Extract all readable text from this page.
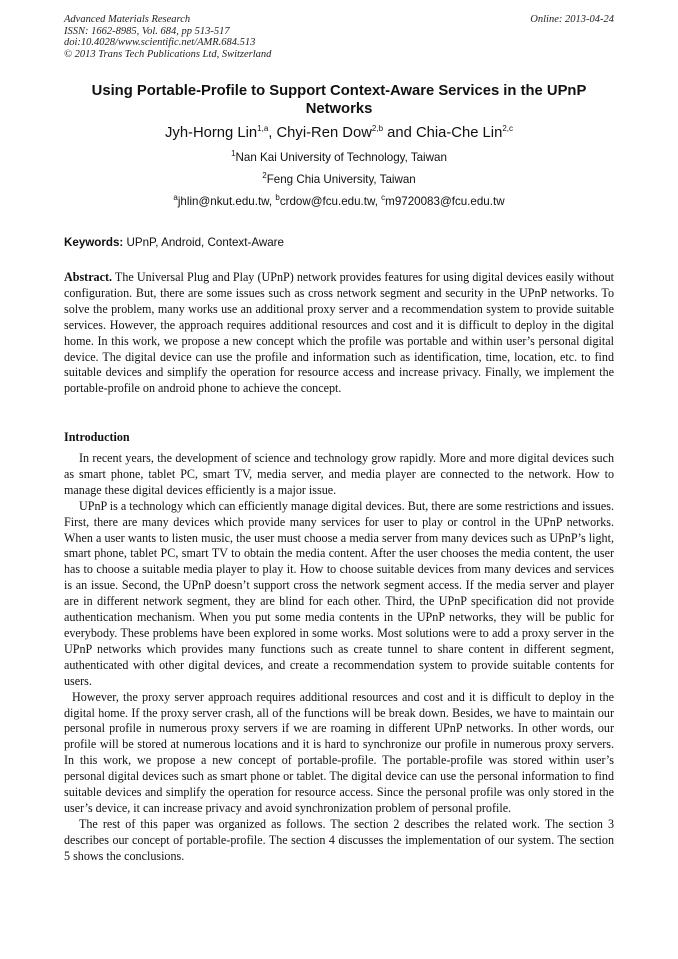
Advanced Materials Research
ISSN: 1662-8985, Vol. 684, pp 513-517
doi:10.4028/www.scientific.net/AMR.684.513
© 2013 Trans Tech Publications Ltd, Switzerland
Online: 2013-04-24
Using Portable-Profile to Support Context-Aware Services in the UPnP Networks
Jyh-Horng Lin$^{1,a}$, Chyi-Ren Dow$^{2,b}$ and Chia-Che Lin$^{2,c}$
$^1$Nan Kai University of Technology, Taiwan
$^2$Feng Chia University, Taiwan
$^a$jhlin@nkut.edu.tw, $^b$crdow@fcu.edu.tw, $^c$m9720083@fcu.edu.tw
Keywords: UPnP, Android, Context-Aware

Abstract. The Universal Plug and Play (UPnP) network provides features for using digital devices easily without configuration. But, there are some issues such as cross network segment and security in the UPnP networks. To solve the problem, many works use an additional proxy server and a recommendation system to provide suitable services. However, the approach requires additional resources and cost and it is difficult to deploy in the digital home. In this work, we propose a new concept which the profile was portable and within user’s personal digital device. The digital device can use the profile and information such as identification, time, location, etc. to find suitable devices and simplify the operation for resource access and increase privacy. Finally, we implement the portable-profile on android phone to achieve the concept.

Introduction

In recent years, the development of science and technology grow rapidly. More and more digital devices such as smart phone, tablet PC, smart TV, media server, and media player are connected to the network. How to manage these digital devices efficiently is a major issue.

UPnP is a technology which can efficiently manage digital devices. But, there are some restrictions and issues. First, there are many devices which provide many services for user to play or control in the UPnP networks. When a user wants to listen music, the user must choose a media server from many devices such as UPnP’s light, smart phone, tablet PC, smart TV to obtain the media content. After the user chooses the media content, the user has to choose a suitable media player to play it. How to choose suitable devices from many devices and services is an issue. Second, the UPnP doesn’t support cross the network segment access. If the media server and player are in different network segment, they are blind for each other. Third, the UPnP specification did not provide authentication mechanism. When you put some media contents in the UPnP networks, they will be public for everybody. These problems have been explored in some works. Most solutions were to add a proxy server in the UPnP networks which provides many functions such as create tunnel to share content in different segment, authenticated with other digital devices, and create a recommendation system to provide suitable contents for users.

However, the proxy server approach requires additional resources and cost and it is difficult to deploy in the digital home. If the proxy server crash, all of the functions will be break down. Besides, we have to maintain our personal profile in numerous proxy servers if we are roaming in different UPnP networks. In other words, our profile will be stored at numerous locations and it is hard to synchronize our profile in numerous proxy servers. In this work, we propose a new concept of portable-profile. The portable-profile was stored within user’s personal digital devices such as smart phone or tablet. The digital device can use the personal information to find suitable devices and simplify the operation for resource access. Since the personal profile was only stored in the user’s device, it can increase privacy and avoid synchronization problem of personal profile.

The rest of this paper was organized as follows. The section 2 describes the related work. The section 3 describes our concept of portable-profile. The section 4 discusses the implementation of our system. The section 5 shows the conclusions.
